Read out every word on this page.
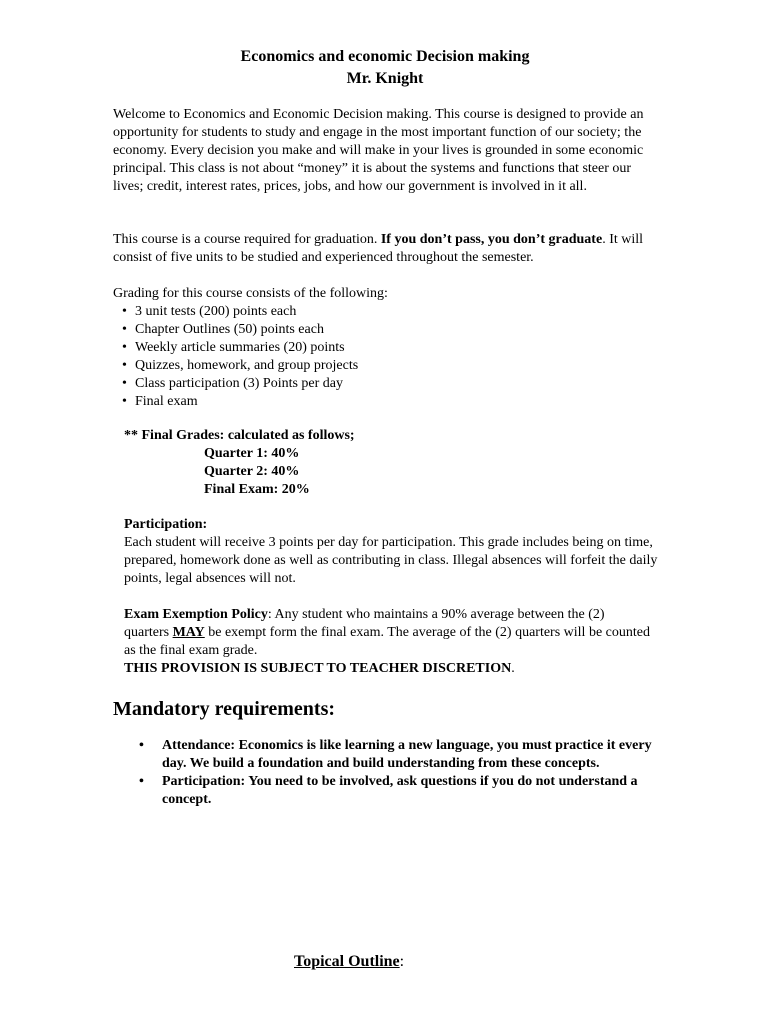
Economics and economic Decision making
Mr. Knight

Welcome to Economics and Economic Decision making. This course is designed to provide an opportunity for students to study and engage in the most important function of our society; the economy. Every decision you make and will make in your lives is grounded in some economic principal. This class is not about “money” it is about the systems and functions that steer our lives; credit, interest rates, prices, jobs, and how our government is involved in it all.

This course is a course required for graduation. If you don’t pass, you don’t graduate. It will consist of five units to be studied and experienced throughout the semester.

Grading for this course consists of the following:

• 3 unit tests (200) points each
• Chapter Outlines (50) points each
• Weekly article summaries (20) points
• Quizzes, homework, and group projects
• Class participation (3) Points per day
• Final exam

** Final Grades: calculated as follows;

Quarter 1: 40%

Quarter 2: 40%

Final Exam: 20%

Participation:

Each student will receive 3 points per day for participation. This grade includes being on time, prepared, homework done as well as contributing in class. Illegal absences will forfeit the daily points, legal absences will not.

Exam Exemption Policy: Any student who maintains a 90% average between the (2) quarters MAY be exempt form the final exam. The average of the (2) quarters will be counted as the final exam grade.

THIS PROVISION IS SUBJECT TO TEACHER DISCRETION.

Mandatory requirements:
• Attendance: Economics is like learning a new language, you must practice it every day. We build a foundation and build understanding from these concepts.
• Participation: You need to be involved, ask questions if you do not understand a concept.
Topical Outline:
